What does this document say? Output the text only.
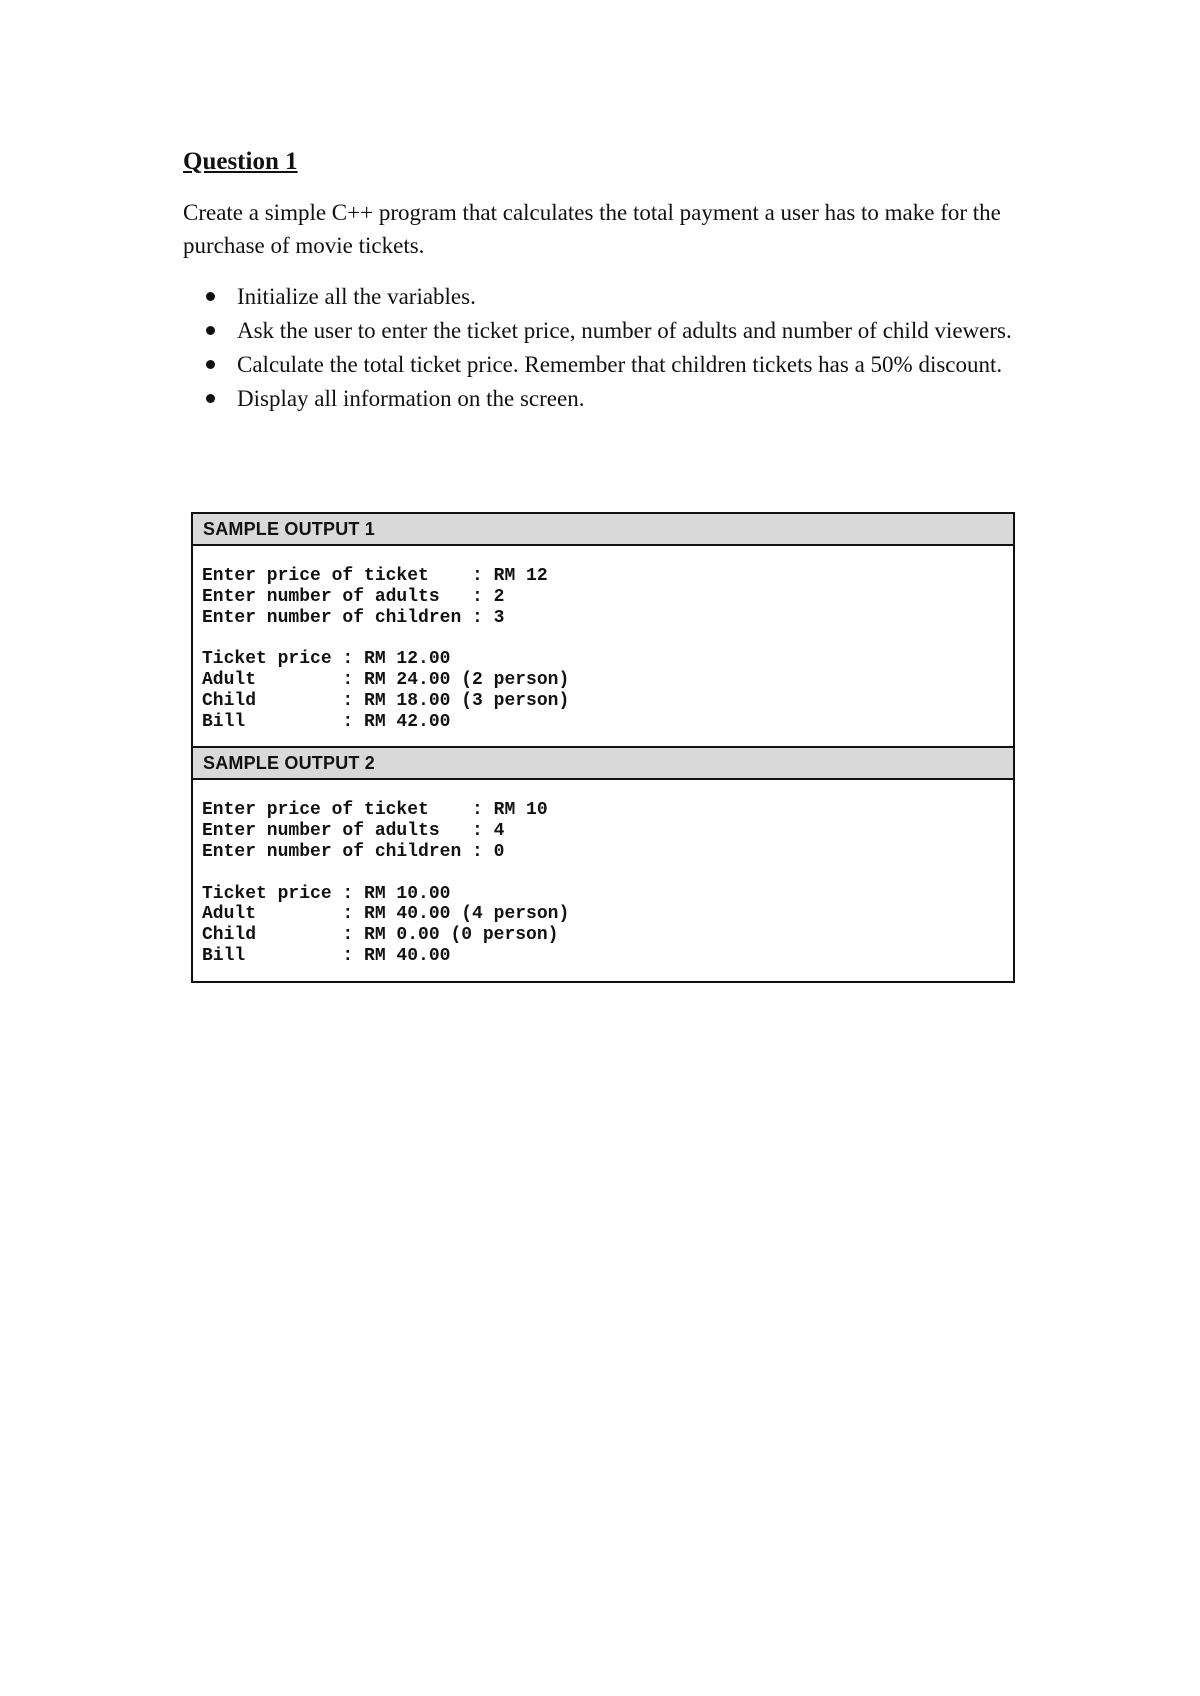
Question 1

Create a simple C++ program that calculates the total payment a user has to make for the purchase of movie tickets.

Initialize all the variables.
Ask the user to enter the ticket price, number of adults and number of child viewers.
Calculate the total ticket price. Remember that children tickets has a 50% discount.
Display all information on the screen.
SAMPLE OUTPUT 1
Enter price of ticket    : RM 12
Enter number of adults   : 2
Enter number of children : 3
Ticket price : RM 12.00
Adult        : RM 24.00 (2 person)
Child        : RM 18.00 (3 person)
Bill         : RM 42.00
SAMPLE OUTPUT 2
Enter price of ticket    : RM 10
Enter number of adults   : 4
Enter number of children : 0
Ticket price : RM 10.00
Adult        : RM 40.00 (4 person)
Child        : RM 0.00 (0 person)
Bill         : RM 40.00
